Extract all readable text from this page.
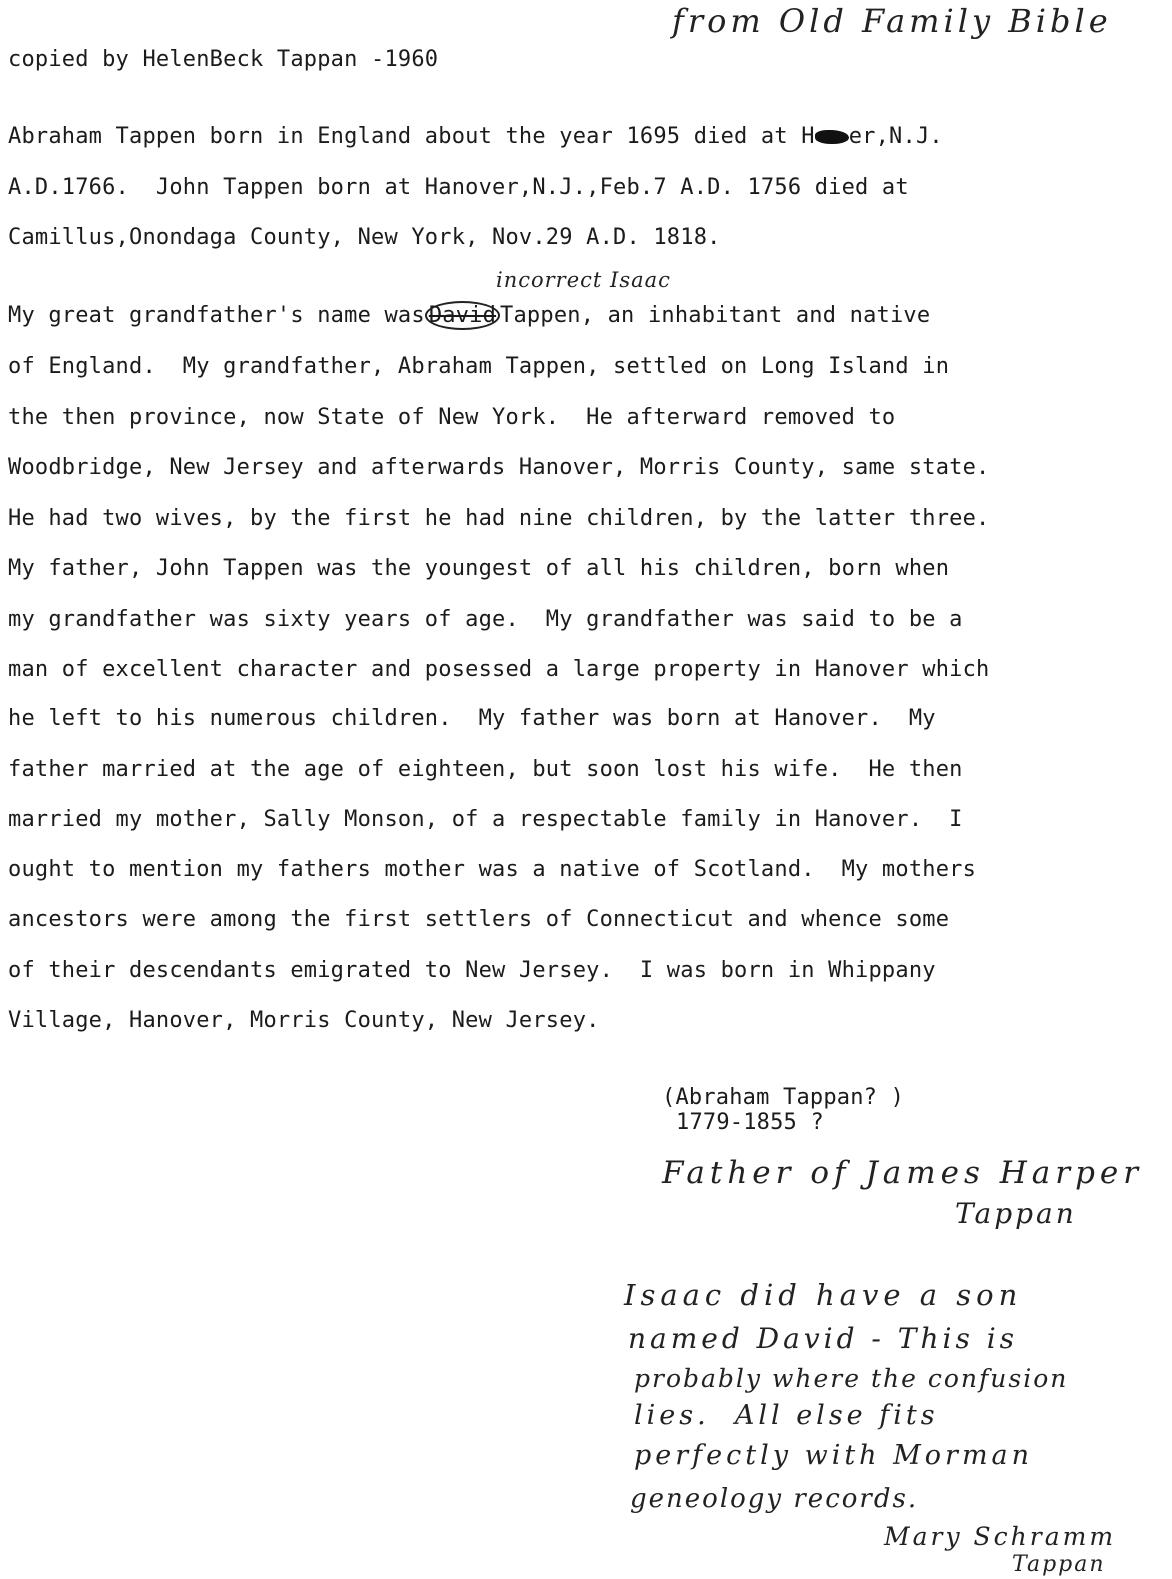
from Old Family Bible
copied by HelenBeck Tappan -1960
Abraham Tappen born in England about the year 1695 died at H er,N.J.
A.D.1766.  John Tappen born at Hanover,N.J.,Feb.7 A.D. 1756 died at
Camillus,Onondaga County, New York, Nov.29 A.D. 1818.
incorrect Isaac
My great grandfather's name was David Tappen, an inhabitant and native
of England.  My grandfather, Abraham Tappen, settled on Long Island in
the then province, now State of New York.  He afterward removed to
Woodbridge, New Jersey and afterwards Hanover, Morris County, same state.
He had two wives, by the first he had nine children, by the latter three.
My father, John Tappen was the youngest of all his children, born when
my grandfather was sixty years of age.  My grandfather was said to be a
man of excellent character and posessed a large property in Hanover which
he left to his numerous children.  My father was born at Hanover.  My
father married at the age of eighteen, but soon lost his wife.  He then
married my mother, Sally Monson, of a respectable family in Hanover.  I
ought to mention my fathers mother was a native of Scotland.  My mothers
ancestors were among the first settlers of Connecticut and whence some
of their descendants emigrated to New Jersey.  I was born in Whippany
Village, Hanover, Morris County, New Jersey.
(Abraham Tappan? )
1779-1855 ?
Father of James Harper
Tappan
Isaac did have a son
named David - This is
probably where the confusion
lies.  All else fits
perfectly with Morman
geneology records.
Mary Schramm
Tappan
